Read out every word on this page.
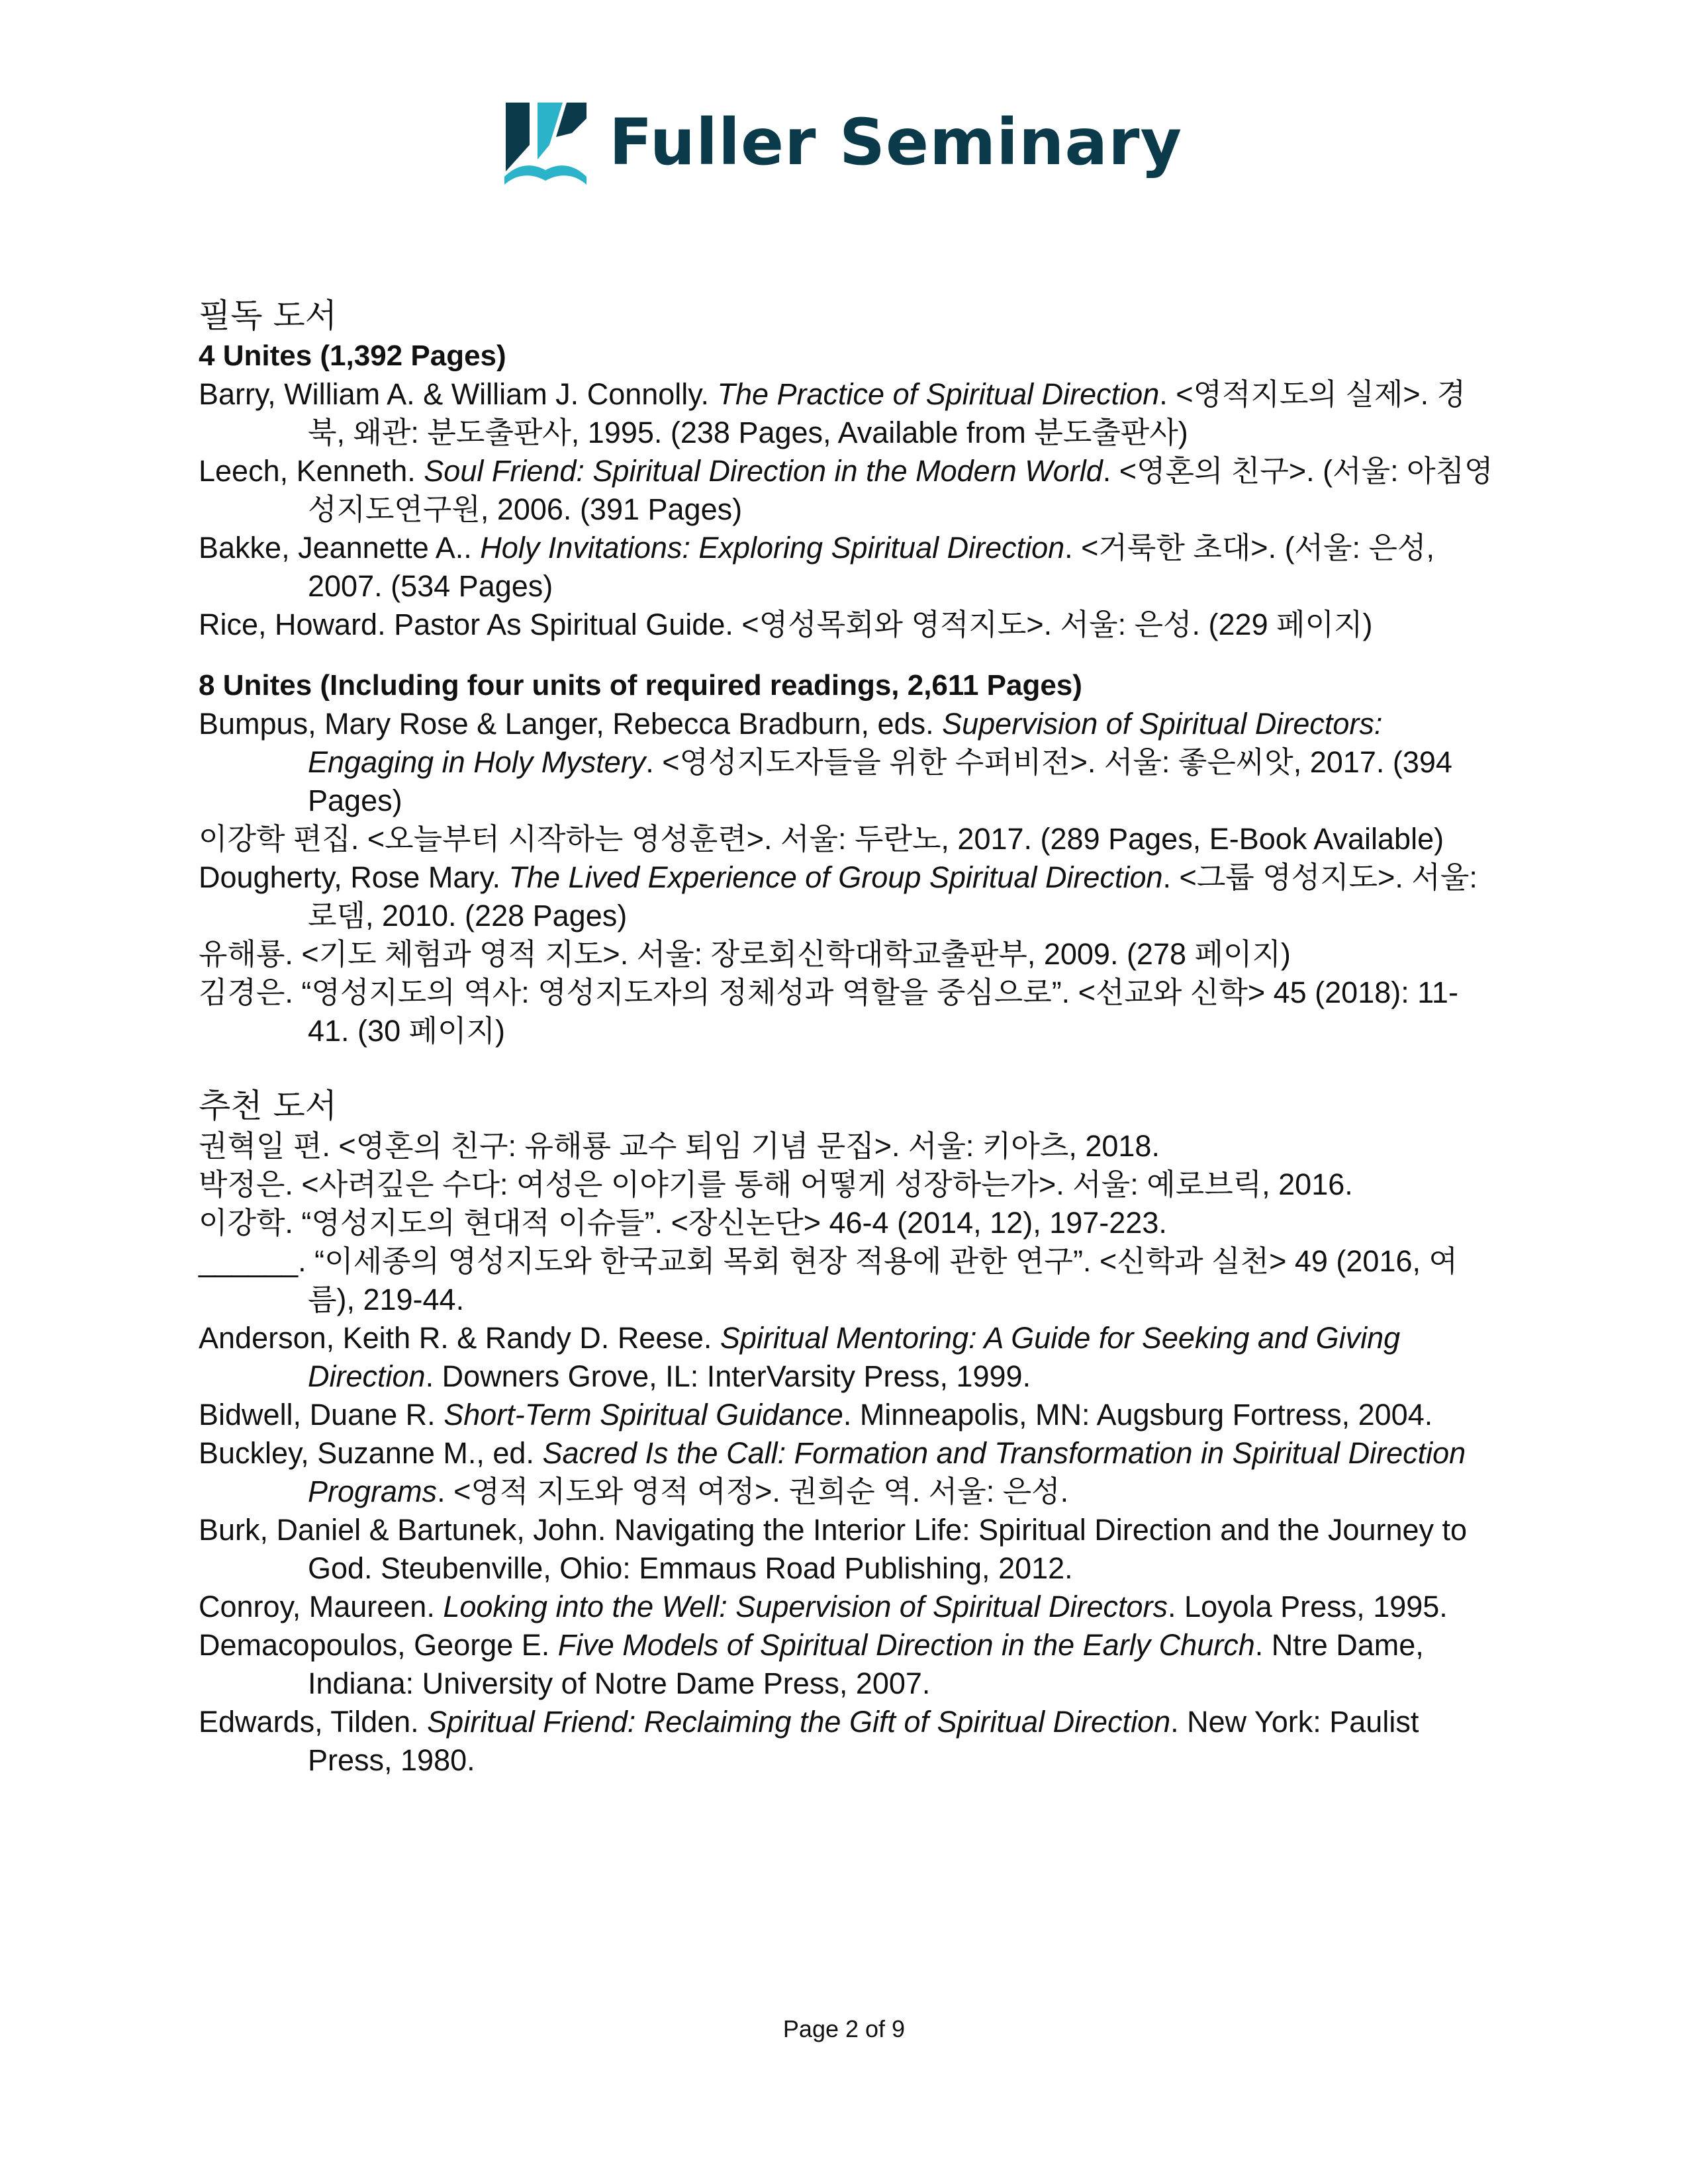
Fuller Seminary
필독 도서

4 Unites (1,392 Pages)

Barry, William A. & William J. Connolly. The Practice of Spiritual Direction. <영적지도의 실제>. 경북, 왜관: 분도출판사, 1995. (238 Pages, Available from 분도출판사)

Leech, Kenneth. Soul Friend: Spiritual Direction in the Modern World. <영혼의 친구>. (서울: 아침영성지도연구원, 2006. (391 Pages)

Bakke, Jeannette A.. Holy Invitations: Exploring Spiritual Direction. <거룩한 초대>. (서울: 은성, 2007. (534 Pages)

Rice, Howard. Pastor As Spiritual Guide. <영성목회와 영적지도>. 서울: 은성. (229 페이지)

8 Unites (Including four units of required readings, 2,611 Pages)

Bumpus, Mary Rose & Langer, Rebecca Bradburn, eds. Supervision of Spiritual Directors: Engaging in Holy Mystery. <영성지도자들을 위한 수퍼비전>. 서울: 좋은씨앗, 2017. (394 Pages)

이강학 편집. <오늘부터 시작하는 영성훈련>. 서울: 두란노, 2017. (289 Pages, E-Book Available)

Dougherty, Rose Mary. The Lived Experience of Group Spiritual Direction. <그룹 영성지도>. 서울: 로뎀, 2010. (228 Pages)

유해룡. <기도 체험과 영적 지도>. 서울: 장로회신학대학교출판부, 2009. (278 페이지)

김경은. “영성지도의 역사: 영성지도자의 정체성과 역할을 중심으로”. <선교와 신학> 45 (2018): 11-41. (30 페이지)

추천 도서

권혁일 편. <영혼의 친구: 유해룡 교수 퇴임 기념 문집>. 서울: 키아츠, 2018.

박정은. <사려깊은 수다: 여성은 이야기를 통해 어떻게 성장하는가>. 서울: 예로브릭, 2016.

이강학. “영성지도의 현대적 이슈들”. <장신논단> 46-4 (2014, 12), 197-223.

______. “이세종의 영성지도와 한국교회 목회 현장 적용에 관한 연구”. <신학과 실천> 49 (2016, 여름), 219-44.

Anderson, Keith R. & Randy D. Reese. Spiritual Mentoring: A Guide for Seeking and Giving Direction. Downers Grove, IL: InterVarsity Press, 1999.

Bidwell, Duane R. Short-Term Spiritual Guidance. Minneapolis, MN: Augsburg Fortress, 2004.

Buckley, Suzanne M., ed. Sacred Is the Call: Formation and Transformation in Spiritual Direction Programs. <영적 지도와 영적 여정>. 권희순 역. 서울: 은성.

Burk, Daniel & Bartunek, John. Navigating the Interior Life: Spiritual Direction and the Journey to God. Steubenville, Ohio: Emmaus Road Publishing, 2012.

Conroy, Maureen. Looking into the Well: Supervision of Spiritual Directors. Loyola Press, 1995.

Demacopoulos, George E. Five Models of Spiritual Direction in the Early Church. Ntre Dame, Indiana: University of Notre Dame Press, 2007.

Edwards, Tilden. Spiritual Friend: Reclaiming the Gift of Spiritual Direction. New York: Paulist Press, 1980.

Page 2 of 9
